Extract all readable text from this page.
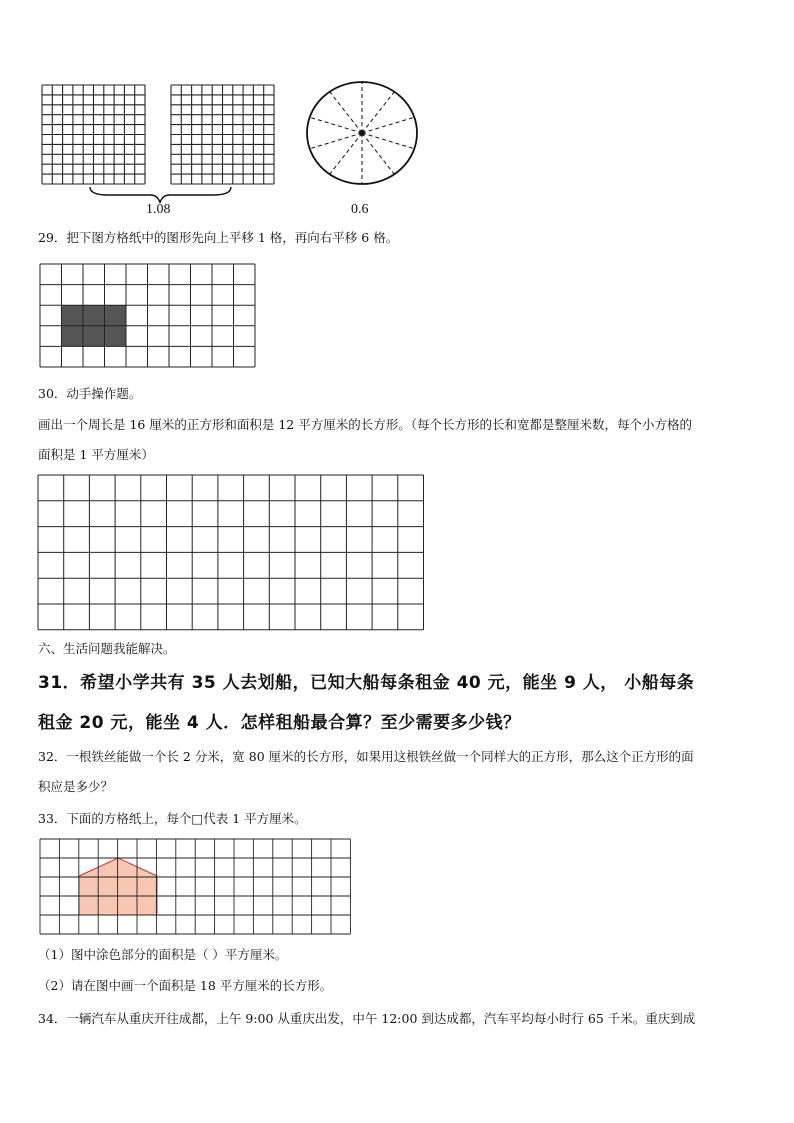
1.08	0.6
29．把下图方格纸中的图形先向上平移 1 格，再向右平移 6 格。
30．动手操作题。
画出一个周长是 16 厘米的正方形和面积是 12 平方厘米的长方形。（每个长方形的长和宽都是整厘米数，每个小方格的
面积是 1 平方厘米）
六、生活问题我能解决。
31．希望小学共有 35 人去划船，已知大船每条租金 40 元，能坐 9 人， 小船每条
租金 20 元，能坐 4 人．怎样租船最合算？至少需要多少钱？
32．一根铁丝能做一个长 2 分米，宽 80 厘米的长方形，如果用这根铁丝做一个同样大的正方形，那么这个正方形的面
积应是多少？
33．下面的方格纸上，每个□代表 1 平方厘米。
（1）图中涂色部分的面积是（ ）平方厘米。
（2）请在图中画一个面积是 18 平方厘米的长方形。
34．一辆汽车从重庆开往成都，上午 9:00 从重庆出发，中午 12:00 到达成都，汽车平均每小时行 65 千米。重庆到成
